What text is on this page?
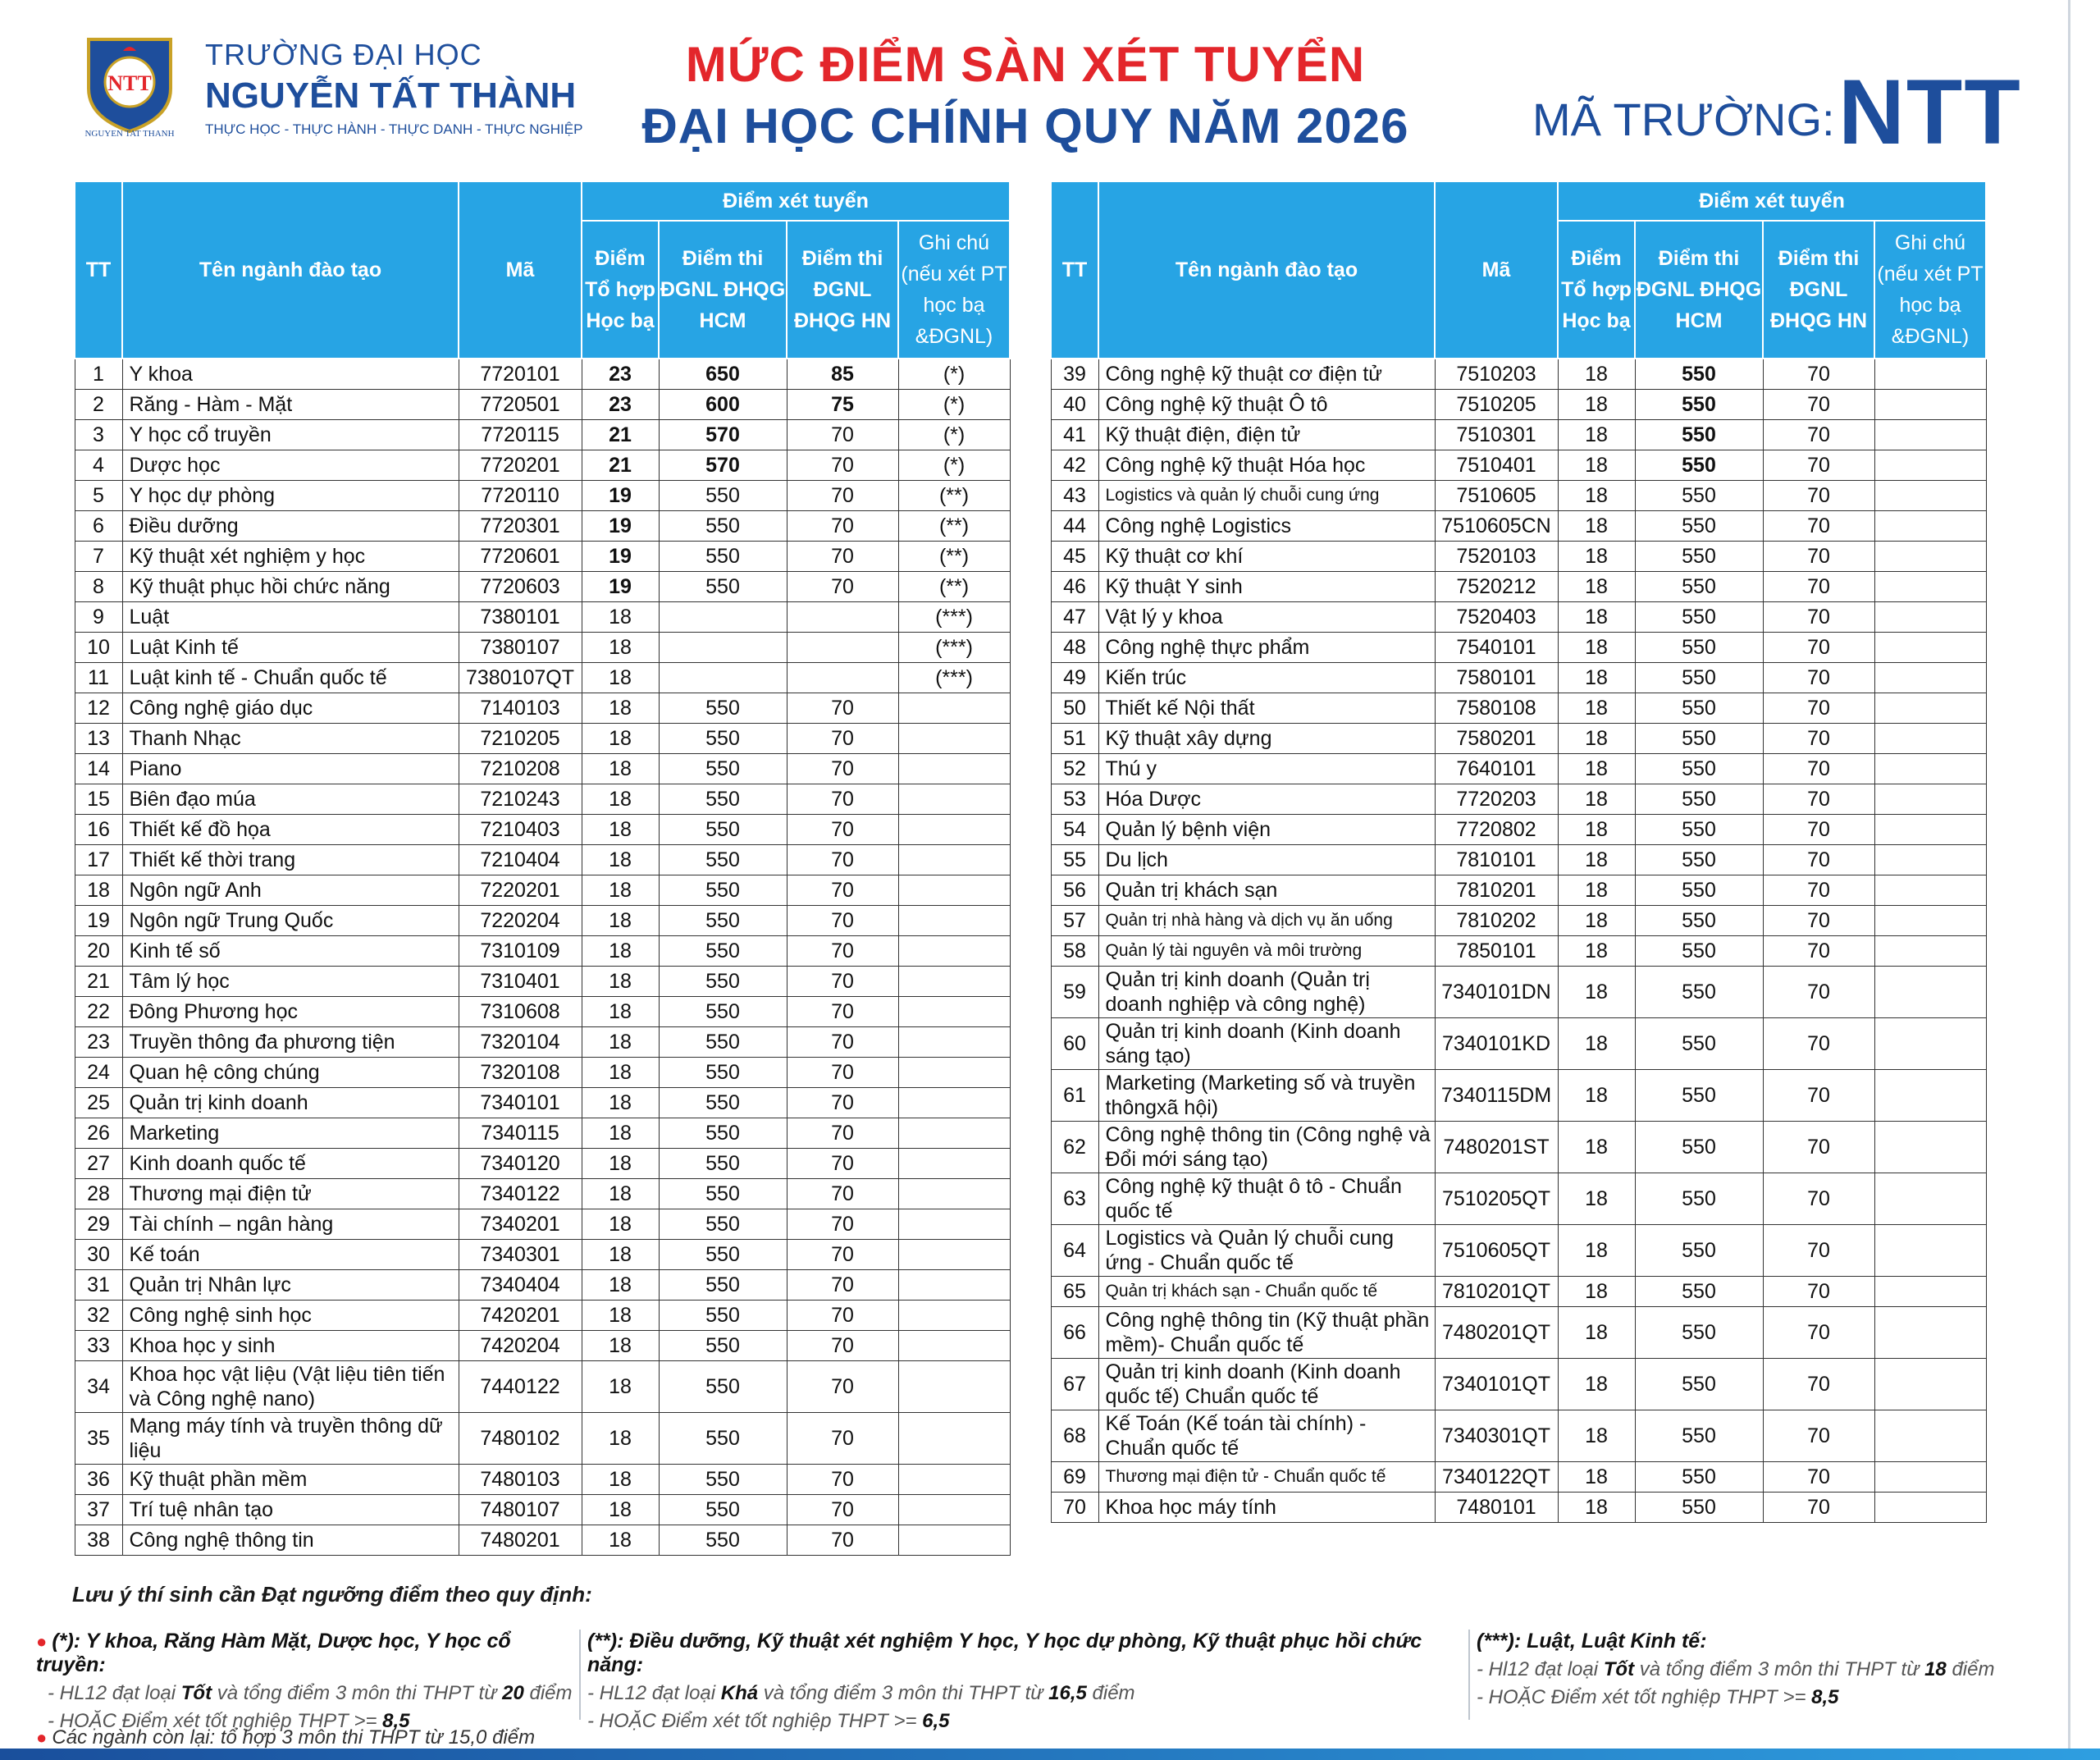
NTT
NGUYEN TAT THANH
TRƯỜNG ĐẠI HỌC
NGUYỄN TẤT THÀNH
THỰC HỌC - THỰC HÀNH - THỰC DANH - THỰC NGHIỆP
MỨC ĐIỂM SÀN XÉT TUYỂN
ĐẠI HỌC CHÍNH QUY NĂM 2026	MÃ TRƯỜNG: NTT
TT	Tên ngành đào tạo	Mã	Điểm xét tuyển			
			Điểm Tổ hợp Học bạ	Điểm thi ĐGNL ĐHQG HCM	Điểm thi ĐGNL ĐHQG HN	Ghi chú (nếu xét PT học bạ &ĐGNL)
1	Y khoa	7720101	23	650	85	(*)
2	Răng - Hàm - Mặt	7720501	23	600	75	(*)
3	Y học cổ truyền	7720115	21	570	70	(*)
4	Dược học	7720201	21	570	70	(*)
5	Y học dự phòng	7720110	19	550	70	(**)
6	Điều dưỡng	7720301	19	550	70	(**)
7	Kỹ thuật xét nghiệm y học	7720601	19	550	70	(**)
8	Kỹ thuật phục hồi chức năng	7720603	19	550	70	(**)
9	Luật	7380101	18			(***)
10	Luật Kinh tế	7380107	18			(***)
11	Luật kinh tế - Chuẩn quốc tế	7380107QT	18			(***)
12	Công nghệ giáo dục	7140103	18	550	70	
13	Thanh Nhạc	7210205	18	550	70	
14	Piano	7210208	18	550	70	
15	Biên đạo múa	7210243	18	550	70	
16	Thiết kế đồ họa	7210403	18	550	70	
17	Thiết kế thời trang	7210404	18	550	70	
18	Ngôn ngữ Anh	7220201	18	550	70	
19	Ngôn ngữ Trung Quốc	7220204	18	550	70	
20	Kinh tế số	7310109	18	550	70	
21	Tâm lý học	7310401	18	550	70	
22	Đông Phương học	7310608	18	550	70	
23	Truyền thông đa phương tiện	7320104	18	550	70	
24	Quan hệ công chúng	7320108	18	550	70	
25	Quản trị kinh doanh	7340101	18	550	70	
26	Marketing	7340115	18	550	70	
27	Kinh doanh quốc tế	7340120	18	550	70	
28	Thương mại điện tử	7340122	18	550	70	
29	Tài chính – ngân hàng	7340201	18	550	70	
30	Kế toán	7340301	18	550	70	
31	Quản trị Nhân lực	7340404	18	550	70	
32	Công nghệ sinh học	7420201	18	550	70	
33	Khoa học y sinh	7420204	18	550	70	
34	Khoa học vật liệu (Vật liệu tiên tiến và Công nghệ nano)	7440122	18	550	70	
35	Mạng máy tính và truyền thông dữ liệu	7480102	18	550	70	
36	Kỹ thuật phần mềm	7480103	18	550	70	
37	Trí tuệ nhân tạo	7480107	18	550	70	
38	Công nghệ thông tin	7480201	18	550	70	
TT	Tên ngành đào tạo	Mã	Điểm xét tuyển			
			Điểm Tổ hợp Học bạ	Điểm thi ĐGNL ĐHQG HCM	Điểm thi ĐGNL ĐHQG HN	Ghi chú (nếu xét PT học bạ &ĐGNL)
39	Công nghệ kỹ thuật cơ điện tử	7510203	18	550	70	
40	Công nghệ kỹ thuật Ô tô	7510205	18	550	70	
41	Kỹ thuật điện, điện tử	7510301	18	550	70	
42	Công nghệ kỹ thuật Hóa học	7510401	18	550	70	
43	Logistics và quản lý chuỗi cung ứng	7510605	18	550	70	
44	Công nghệ Logistics	7510605CN	18	550	70	
45	Kỹ thuật cơ khí	7520103	18	550	70	
46	Kỹ thuật Y sinh	7520212	18	550	70	
47	Vật lý y khoa	7520403	18	550	70	
48	Công nghệ thực phẩm	7540101	18	550	70	
49	Kiến trúc	7580101	18	550	70	
50	Thiết kế Nội thất	7580108	18	550	70	
51	Kỹ thuật xây dựng	7580201	18	550	70	
52	Thú y	7640101	18	550	70	
53	Hóa Dược	7720203	18	550	70	
54	Quản lý bệnh viện	7720802	18	550	70	
55	Du lịch	7810101	18	550	70	
56	Quản trị khách sạn	7810201	18	550	70	
57	Quản trị nhà hàng và dịch vụ ăn uống	7810202	18	550	70	
58	Quản lý tài nguyên và môi trường	7850101	18	550	70	
59	Quản trị kinh doanh (Quản trị doanh nghiệp và công nghệ)	7340101DN	18	550	70	
60	Quản trị kinh doanh (Kinh doanh sáng tạo)	7340101KD	18	550	70	
61	Marketing (Marketing số và truyền thôngxã hội)	7340115DM	18	550	70	
62	Công nghệ thông tin (Công nghệ và Đổi mới sáng tạo)	7480201ST	18	550	70	
63	Công nghệ kỹ thuật ô tô - Chuẩn quốc tế	7510205QT	18	550	70	
64	Logistics và Quản lý chuỗi cung ứng - Chuẩn quốc tế	7510605QT	18	550	70	
65	Quản trị khách sạn - Chuẩn quốc tế	7810201QT	18	550	70	
66	Công nghệ thông tin (Kỹ thuật phần mềm)- Chuẩn quốc tế	7480201QT	18	550	70	
67	Quản trị kinh doanh (Kinh doanh quốc tế) Chuẩn quốc tế	7340101QT	18	550	70	
68	Kế Toán (Kế toán tài chính) - Chuẩn quốc tế	7340301QT	18	550	70	
69	Thương mại điện tử - Chuẩn quốc tế	7340122QT	18	550	70	
70	Khoa học máy tính	7480101	18	550	70	
Lưu ý thí sinh cần Đạt ngưỡng điểm theo quy định:
● (*): Y khoa, Răng Hàm Mặt, Dược học, Y học cổ truyền:
- HL12 đạt loại Tốt và tổng điểm 3 môn thi THPT từ 20 điểm
- HOẶC Điểm xét tốt nghiệp THPT >= 8,5
(**): Điều dưỡng, Kỹ thuật xét nghiệm Y học, Y học dự phòng, Kỹ thuật phục hồi chức năng:
- HL12 đạt loại Khá và tổng điểm 3 môn thi THPT từ 16,5 điểm
- HOẶC Điểm xét tốt nghiệp THPT >= 6,5
(***): Luật, Luật Kinh tế:
- Hl12 đạt loại Tốt và tổng điểm 3 môn thi THPT từ 18 điểm
- HOẶC Điểm xét tốt nghiệp THPT >= 8,5
● Các ngành còn lại: tổ hợp 3 môn thi THPT từ 15,0 điểm
